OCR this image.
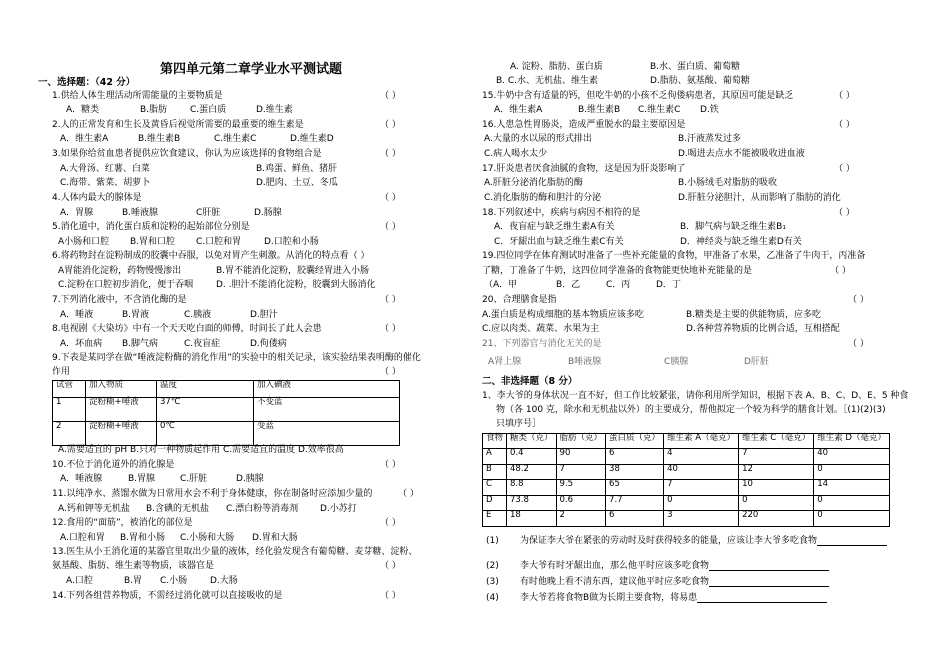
第四单元第二章学业水平测试题
一、选择题：（42 分）
1.供给人体生理活动所需能量的主要物质是	（ ）
A．糖类	B.脂肪	C.蛋白质	D.维生素
2.人的正常发育和生长及黄昏后视觉所需要的最重要的维生素是	（ ）
A．维生素A	B.维生素B	C.维生素C	D.维生素D
3.如果你给贫血患者提供应饮食建议，你认为应该选择的食物组合是	（ ）
A.大骨汤、红薯、白菜	B.鸡蛋、鲜鱼、猪肝
C.海带、紫菜、胡萝卜	D.肥肉、土豆、冬瓜
4.人体内最大的腺体是	（ ）
A．胃腺	B.唾液腺	C肝脏	D.肠腺
5.消化道中，消化蛋白质和淀粉的起始部位分别是	（ ）
A小肠和口腔 B.胃和口腔 C.口腔和胃	D.口腔和小肠
6.将药物封在淀粉制成的胶囊中吞服，以免对胃产生刺激。从消化的特点看（ ）
A胃能消化淀粉，药物慢慢渗出	B.胃不能消化淀粉，胶囊经胃进入小肠
C.淀粉在口腔初步消化，便于吞咽	D. .胆汁不能消化淀粉，胶囊到大肠消化
7.下列消化液中，不含消化酶的是	（ ）
A．唾液	B.胃液	C.胰液	D.胆汁
8.电视剧《大染坊》中有一个天天吃白面的师傅，时间长了此人会患	（ ）
A．坏血病 B.脚气病	C.夜盲症	D.佝偻病
9.下表是某同学在做“唾液淀粉酶的消化作用”的实验中的相关记录，该实验结果表明酶的催化
作用	（ ）
试管	加入物质	温度	加入碘液
1	淀粉糊+唾液	37℃	不变蓝
2	淀粉糊+唾液	0℃	变蓝
A.需要适宜的 pH B.只对一种物质起作用 C.需要适宜的温度 D.效率很高
10.不位于消化道外的消化腺是	（ ）
A．唾液腺	B.胃腺	C.肝脏	D.胰腺
11.以纯净水、蒸馏水做为日常用水会不利于身体健康，你在制备时应添加少量的	（ ）
A.钙和钾等无机盐 B.含碘的无机盐 C.漂白粉等消毒剂 D.小苏打
12.食用的“面筋”，被消化的部位是	（ ）
A.口腔和胃 B.胃和小肠 C.小肠和大肠 D.胃和大肠
13.医生从小王消化道的某器官里取出少量的液体，经化验发现含有葡萄糖、麦芽糖、淀粉、
氨基酸、脂肪、维生素等物质，该器官是	（ ）
A.口腔	B.胃 C.小肠	D.大肠
14.下列各组营养物质，不需经过消化就可以直接吸收的是	（ ）
A. 淀粉、脂肪、蛋白质	B.水、蛋白质、葡萄糖
B. C.水、无机盐、维生素	D.脂肪、氨基酸、葡萄糖
15.牛奶中含有适量的钙，但吃牛奶的小孩不乏佝偻病患者，其原因可能是缺乏	（ ）
A．维生素A	B.维生素B C.维生素C D.铁
16.人患急性胃肠炎，造成严重脱水的最主要原因是	（ ）
A.大量的水以尿的形式排出	B.汗液蒸发过多
C.病人喝水太少	D.喝进去点水不能被吸收进血液
17.肝炎患者厌食油腻的食物，这是因为肝炎影响了	（ ）
A.肝脏分泌消化脂肪的酶	B.小肠绒毛对脂肪的吸收
C.消化脂肪的酶和胆汁的分泌	D.肝脏分泌胆汁，从而影响了脂肪的消化
18.下列叙述中，疾病与病因不相符的是	（ ）
A．夜盲症与缺乏维生素A有关	B．脚气病与缺乏维生素B₁
C．牙龈出血与缺乏维生素C有关	D．神经炎与缺乏维生素D有关
19.四位同学在体育测试时准备了一些补充能量的食物，甲准备了水果，乙准备了牛肉干，丙准备
了糖，丁准备了牛奶，这四位同学准备的食物能更快地补充能量的是	（ ）
（A．甲	B．乙	C．丙	D．丁
20、合理膳食是指	（ ）
A.蛋白质是构成细胞的基本物质应该多吃	B.糖类是主要的供能物质，应多吃
C.应以肉类、蔬菜、水果为主	D.各种营养物质的比例合适，互相搭配
21、下列器官与消化无关的是	（ ）
A肾上腺	B唾液腺	C胰腺	D肝脏
二、非选择题（8 分）
1、李大爷的身体状况一直不好，但工作比较紧张，请你利用所学知识，根据下表 A、B、C、D、E、5 种食
物（各 100 克，除水和无机盐以外）的主要成分，帮他拟定一个较为科学的膳食计划。［(1)(2)(3)
只填序号］
食物	糖类（克）	脂肪（克）	蛋白质（克）	维生素 A（毫克）	维生素 C（毫克）	维生素 D（毫克）
A	0.4	90	6	4	7	40
B	48.2	7	38	40	12	0
C	8.8	9.5	65	7	10	14
D	73.8	0.6	7.7	0	0	0
E	18	2	6	3	220	0
(1) 为保证李大爷在紧张的劳动时及时获得较多的能量，应该让李大爷多吃食物
(2) 李大爷有时牙龈出血，那么他平时应该多吃食物
(3) 有时他晚上看不清东西，建议他平时应多吃食物
(4) 李大爷若将食物B做为长期主要食物，将易患
